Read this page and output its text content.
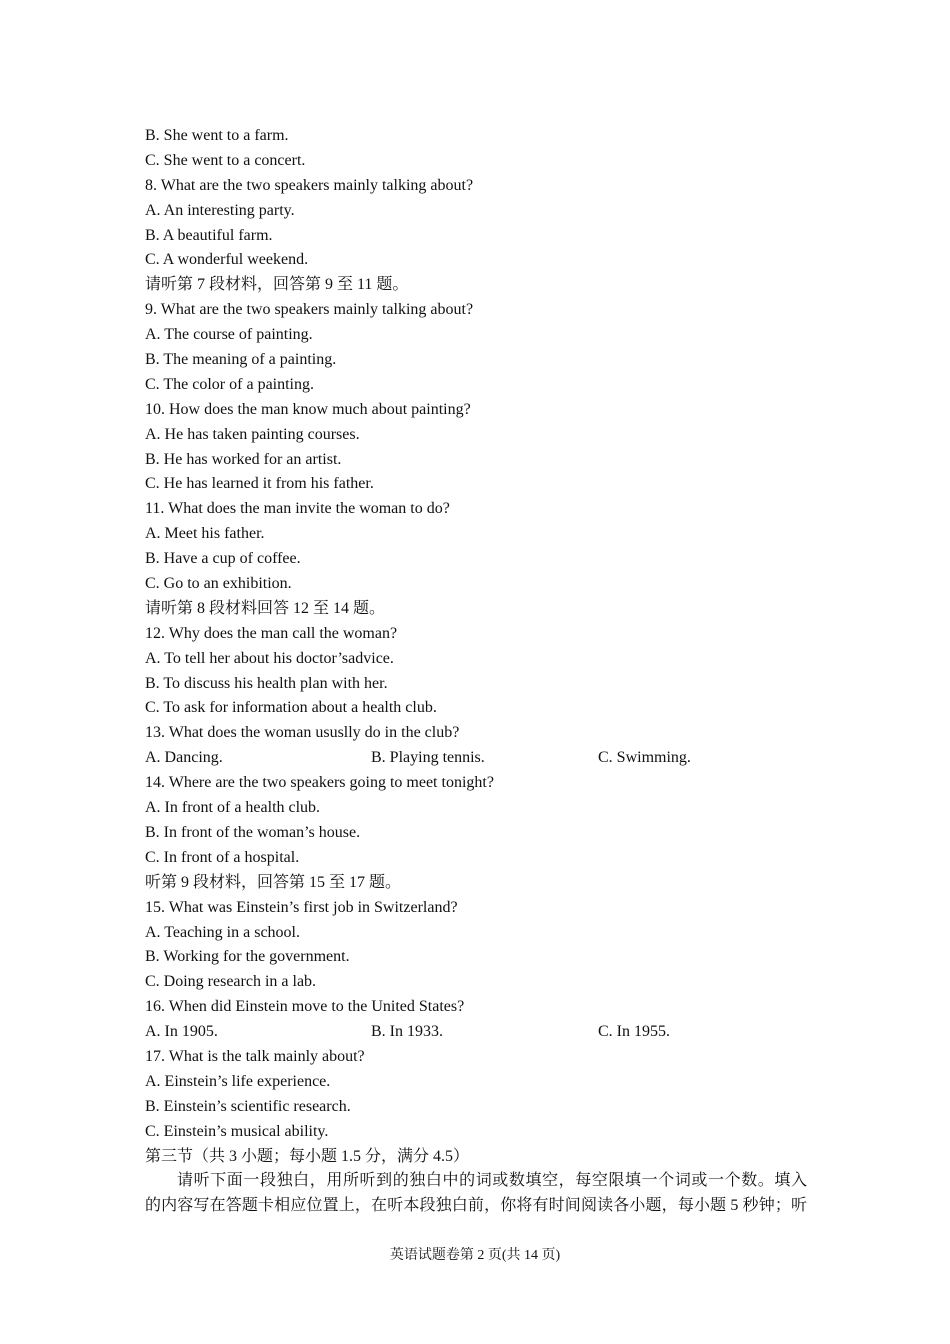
B. She went to a farm.
C. She went to a concert.
8. What are the two speakers mainly talking about?
A. An interesting party.
B. A beautiful farm.
C. A wonderful weekend.
请听第 7 段材料，回答第 9 至 11 题。
9. What are the two speakers mainly talking about?
A. The course of painting.
B. The meaning of a painting.
C. The color of a painting.
10. How does the man know much about painting?
A. He has taken painting courses.
B. He has worked for an artist.
C. He has learned it from his father.
11. What does the man invite the woman to do?
A. Meet his father.
B. Have a cup of coffee.
C. Go to an exhibition.
请听第 8 段材料回答 12 至 14 题。
12. Why does the man call the woman?
A. To tell her about his doctor’sadvice.
B. To discuss his health plan with her.
C. To ask for information about a health club.
13. What does the woman ususlly do in the club?
A. Dancing.	B. Playing tennis.	C. Swimming.
14. Where are the two speakers going to meet tonight?
A. In front of a health club.
B. In front of the woman’s house.
C. In front of a hospital.
听第 9 段材料，回答第 15 至 17 题。
15. What was Einstein’s first job in Switzerland?
A. Teaching in a school.
B. Working for the government.
C. Doing research in a lab.
16. When did Einstein move to the United States?
A. In 1905.	B. In 1933.	C. In 1955.
17. What is the talk mainly about?
A. Einstein’s life experience.
B. Einstein’s scientific research.
C. Einstein’s musical ability.
第三节（共 3 小题；每小题 1.5 分，满分 4.5）
请听下面一段独白，用所听到的独白中的词或数填空，每空限填一个词或一个数。填入
的内容写在答题卡相应位置上，在听本段独白前，你将有时间阅读各小题，每小题 5 秒钟；听
英语试题卷第 2 页(共 14 页)
